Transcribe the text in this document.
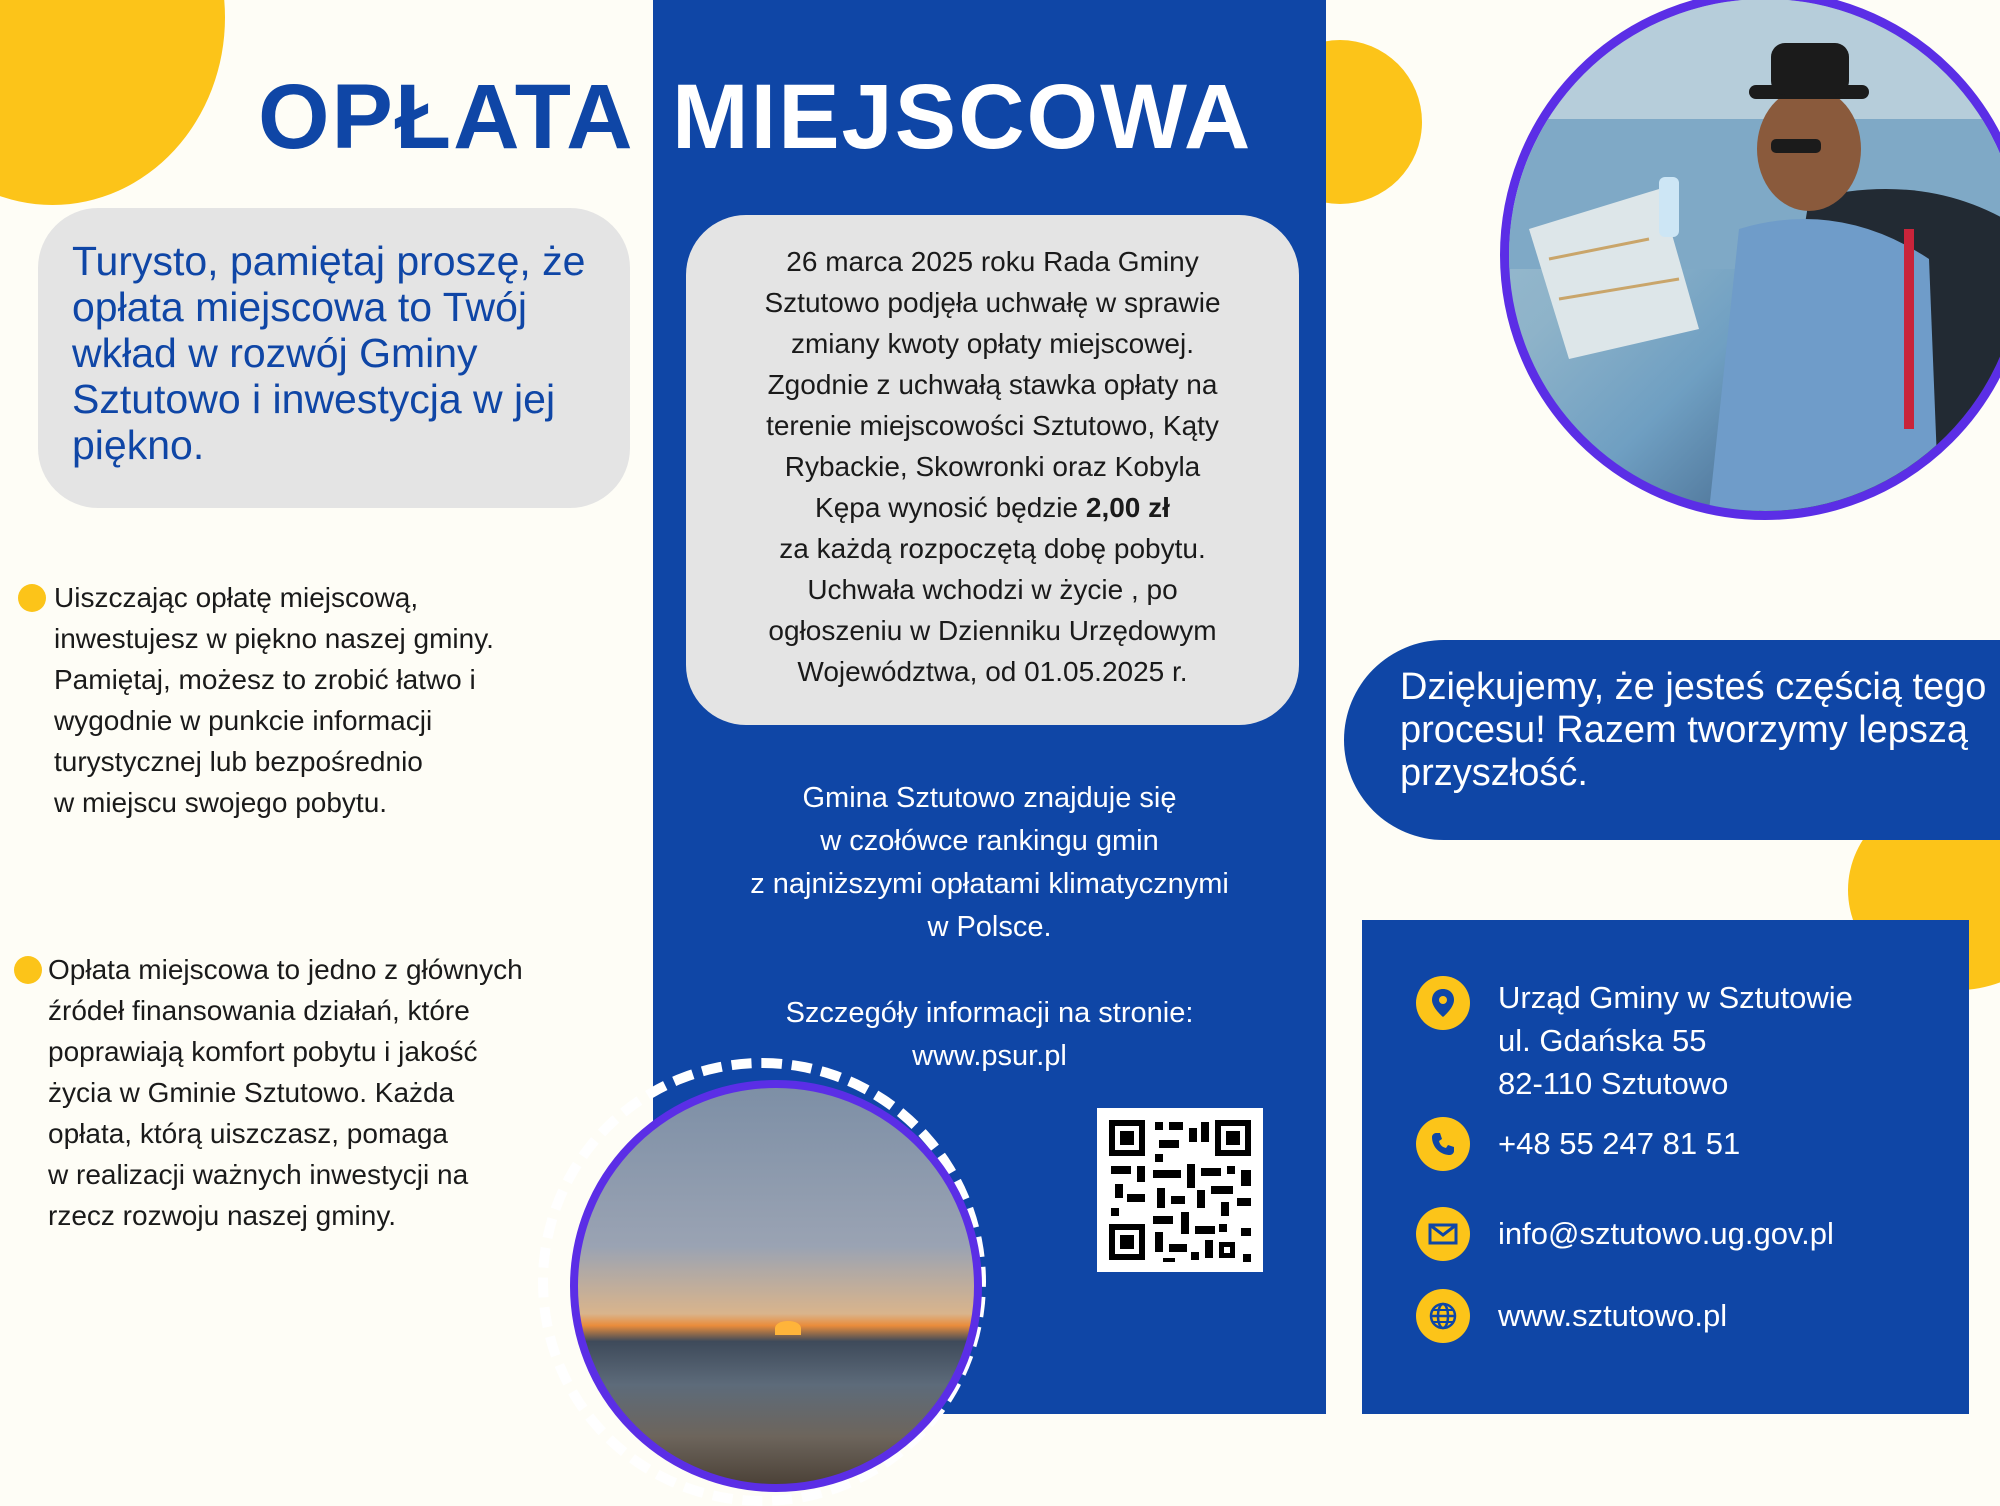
OPŁATA MIEJSCOWA
Turysto, pamiętaj proszę, że opłata miejscowa to Twój wkład w rozwój Gminy Sztutowo i inwestycja w jej piękno.
Uiszczając opłatę miejscową,
inwestujesz w piękno naszej gminy.
Pamiętaj, możesz to zrobić łatwo i
wygodnie w punkcie informacji
turystycznej lub bezpośrednio
w miejscu swojego pobytu.
Opłata miejscowa to jedno z głównych
źródeł finansowania działań, które
poprawiają komfort pobytu i jakość
życia w Gminie Sztutowo. Każda
opłata, którą uiszczasz, pomaga
w realizacji ważnych inwestycji na
rzecz rozwoju naszej gminy.
26 marca 2025 roku Rada Gminy
Sztutowo podjęła uchwałę w sprawie
zmiany kwoty opłaty miejscowej.
Zgodnie z uchwałą stawka opłaty na
terenie miejscowości Sztutowo, Kąty
Rybackie, Skowronki oraz Kobyla
Kępa wynosić będzie 2,00 zł
za każdą rozpoczętą dobę pobytu.
Uchwała wchodzi w życie , po
ogłoszeniu w Dzienniku Urzędowym
Województwa, od 01.05.2025 r.
Gmina Sztutowo znajduje się
w czołówce rankingu gmin
z najniższymi opłatami klimatycznymi
w Polsce.
Szczegóły informacji na stronie:
www.psur.pl
Dziękujemy, że jesteś częścią tego procesu! Razem tworzymy lepszą przyszłość.
Urząd Gminy w Sztutowie
ul. Gdańska 55
82-110 Sztutowo
+48 55 247 81 51
info@sztutowo.ug.gov.pl
www.sztutowo.pl
